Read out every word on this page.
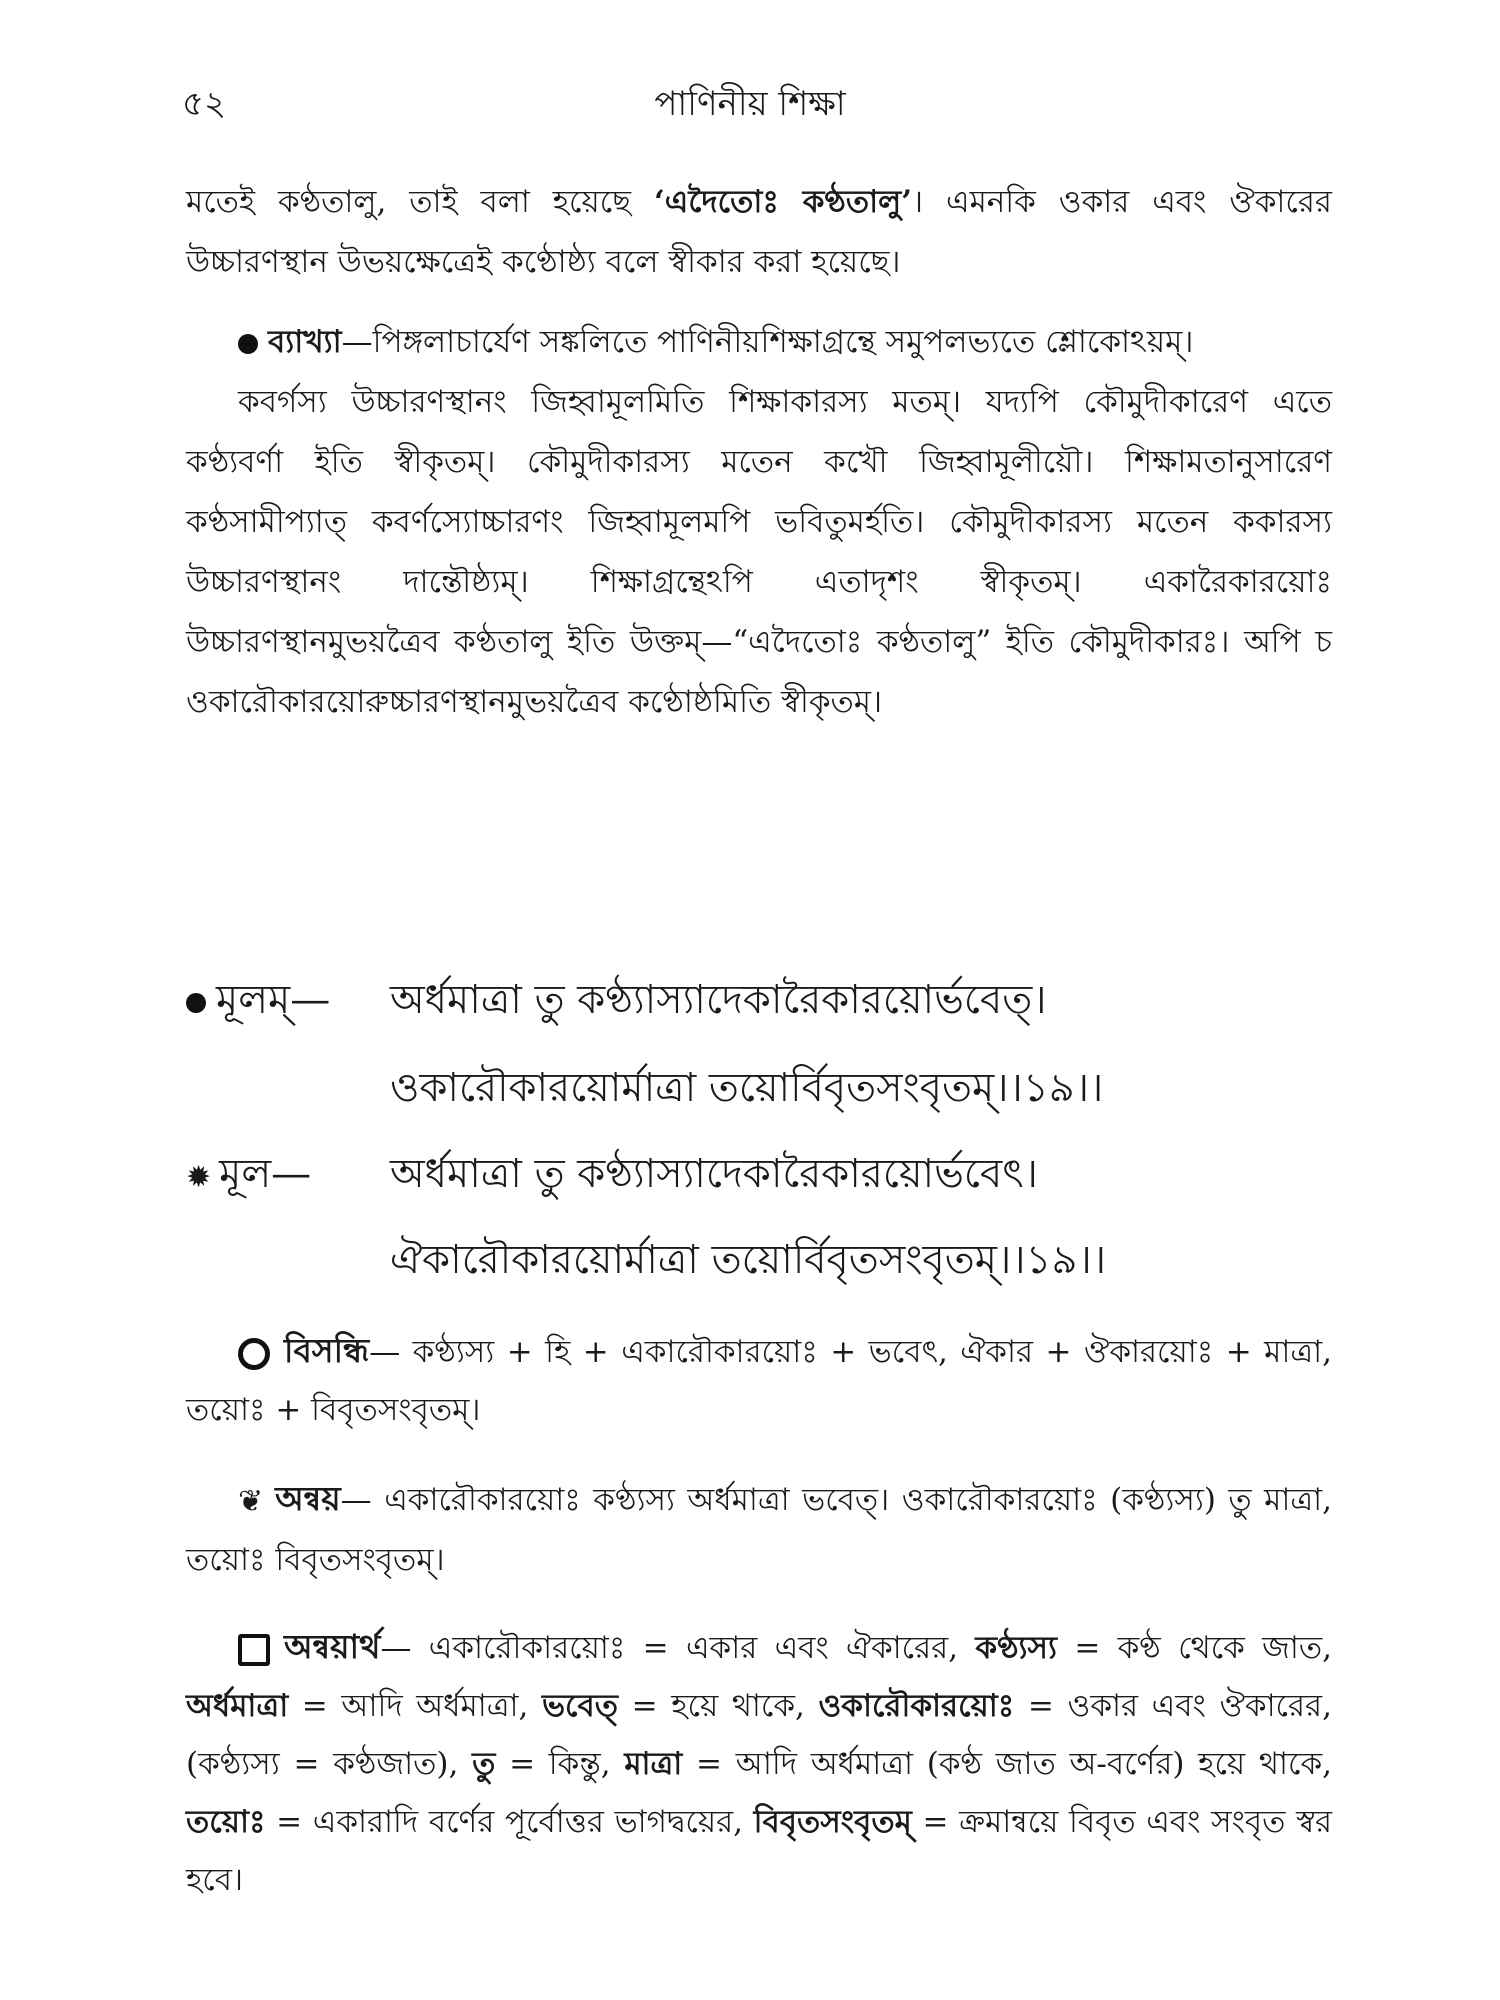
৫২	পাণিনীয় শিক্ষা

মতেই কণ্ঠতালু, তাই বলা হয়েছে ‘এদৈতোঃ কণ্ঠতালু’। এমনকি ওকার এবং ঔকারের উচ্চারণস্থান উভয়ক্ষেত্রেই কণ্ঠোষ্ঠ্য বলে স্বীকার করা হয়েছে।

ব্যাখ্যা—পিঙ্গলাচার্যেণ সঙ্কলিতে পাণিনীয়শিক্ষাগ্রন্থে সমুপলভ্যতে শ্লোকোঽয়ম্।
কবর্গস্য উচ্চারণস্থানং জিহ্বামূলমিতি শিক্ষাকারস্য মতম্। যদ্যপি কৌমুদীকারেণ এতে কণ্ঠ্যবর্ণা ইতি স্বীকৃতম্। কৌমুদীকারস্য মতেন কখৌ জিহ্বামূলীয়ৌ। শিক্ষামতানুসারেণ কণ্ঠসামীপ্যাত্ কবর্ণস্যোচ্চারণং জিহ্বামূলমপি ভবিতুমর্হতি। কৌমুদীকারস্য মতেন ককারস্য উচ্চারণস্থানং দান্তৌষ্ঠ্যম্। শিক্ষাগ্রন্থেঽপি এতাদৃশং স্বীকৃতম্। একারৈকারয়োঃ উচ্চারণস্থানমুভয়ত্রৈব কণ্ঠতালু ইতি উক্তম্—“এদৈতোঃ কণ্ঠতালু” ইতি কৌমুদীকারঃ। অপি চ ওকারৌকারয়োরুচ্চারণস্থানমুভয়ত্রৈব কণ্ঠোষ্ঠমিতি স্বীকৃতম্।
মূলম্— অর্ধমাত্রা তু কণ্ঠ্যাস্যাদেকারৈকারয়োর্ভবেত্।
ওকারৌকারয়োর্মাত্রা তয়োর্বিবৃতসংবৃতম্।।১৯।।
✹ মূল— অর্ধমাত্রা তু কণ্ঠ্যাস্যাদেকারৈকারয়োর্ভবেৎ।
ঐকারৌকারয়োর্মাত্রা তয়োর্বিবৃতসংবৃতম্।।১৯।।

বিসন্ধি— কণ্ঠ্যস্য + হি + একারৌকারয়োঃ + ভবেৎ, ঐকার + ঔকারয়োঃ + মাত্রা, তয়োঃ + বিবৃতসংবৃতম্।

❦ অন্বয়— একারৌকারয়োঃ কণ্ঠ্যস্য অর্ধমাত্রা ভবেত্। ওকারৌকারয়োঃ (কণ্ঠ্যস্য) তু মাত্রা, তয়োঃ বিবৃতসংবৃতম্।

অন্বয়ার্থ— একারৌকারয়োঃ = একার এবং ঐকারের, কণ্ঠ্যস্য = কণ্ঠ থেকে জাত, অর্ধমাত্রা = আদি অর্ধমাত্রা, ভবেত্ = হয়ে থাকে, ওকারৌকারয়োঃ = ওকার এবং ঔকারের, (কণ্ঠ্যস্য = কণ্ঠজাত), তু = কিন্তু, মাত্রা = আদি অর্ধমাত্রা (কণ্ঠ জাত অ-বর্ণের) হয়ে থাকে, তয়োঃ = একারাদি বর্ণের পূর্বোত্তর ভাগদ্বয়ের, বিবৃতসংবৃতম্ = ক্রমান্বয়ে বিবৃত এবং সংবৃত স্বর হবে।
